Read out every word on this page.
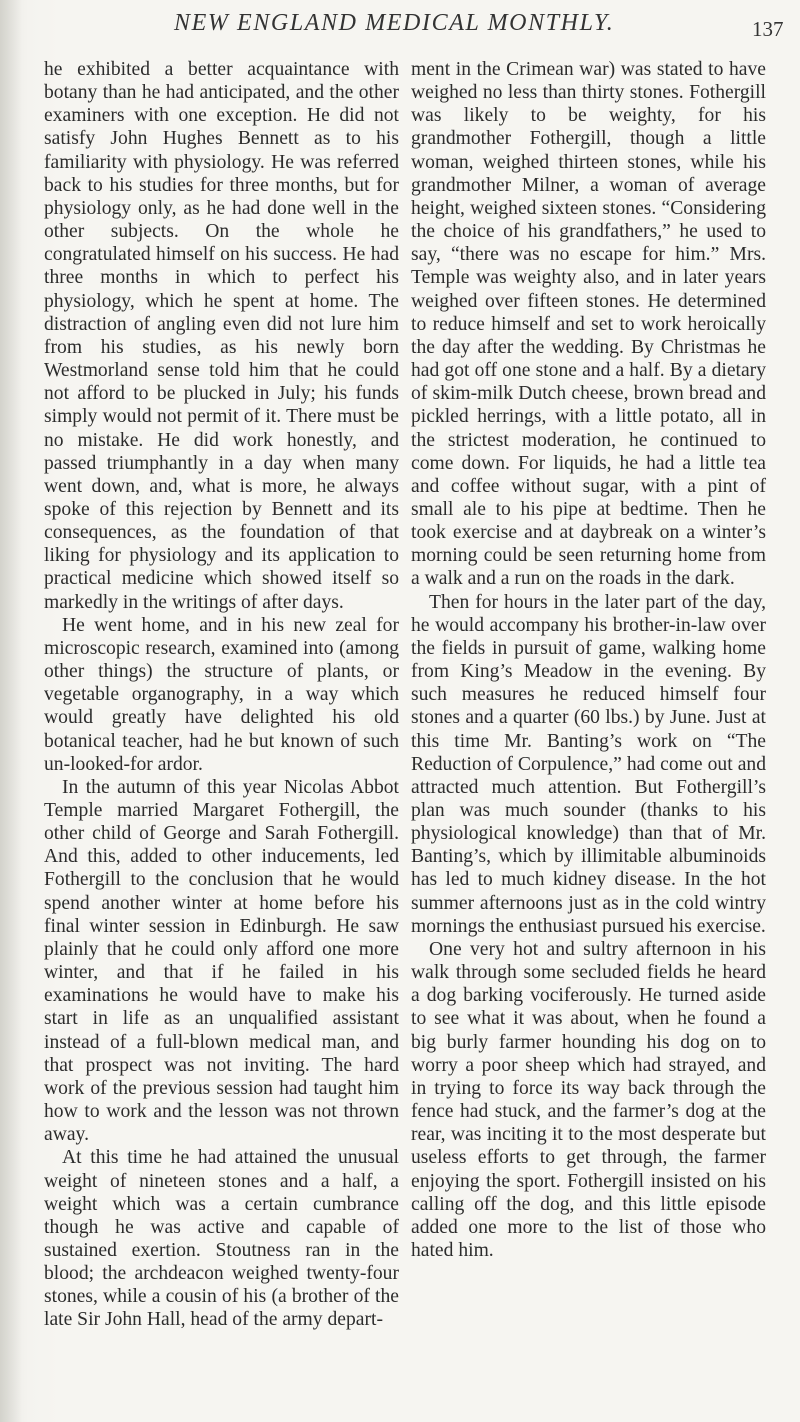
NEW ENGLAND MEDICAL MONTHLY.	137

he exhibited a better acquaintance with botany than he had anticipated, and the other examiners with one exception. He did not satisfy John Hughes Bennett as to his familiarity with physiology. He was referred back to his studies for three months, but for physiology only, as he had done well in the other subjects. On the whole he congratulated himself on his success. He had three months in which to perfect his physiology, which he spent at home. The distraction of angling even did not lure him from his studies, as his newly born Westmorland sense told him that he could not afford to be plucked in July; his funds simply would not permit of it. There must be no mistake. He did work honestly, and passed triumphantly in a day when many went down, and, what is more, he always spoke of this rejection by Bennett and its consequences, as the foundation of that liking for physiology and its application to practical medicine which showed itself so markedly in the writings of after days.

He went home, and in his new zeal for microscopic research, examined into (among other things) the structure of plants, or vegetable organography, in a way which would greatly have delighted his old botanical teacher, had he but known of such un-looked-for ardor.

In the autumn of this year Nicolas Abbot Temple married Margaret Fothergill, the other child of George and Sarah Fothergill. And this, added to other inducements, led Fothergill to the conclusion that he would spend another winter at home before his final winter session in Edinburgh. He saw plainly that he could only afford one more winter, and that if he failed in his examinations he would have to make his start in life as an unqualified assistant instead of a full-blown medical man, and that prospect was not inviting. The hard work of the previous session had taught him how to work and the lesson was not thrown away.

At this time he had attained the unusual weight of nineteen stones and a half, a weight which was a certain cumbrance though he was active and capable of sustained exertion. Stoutness ran in the blood; the archdeacon weighed twenty-four stones, while a cousin of his (a brother of the late Sir John Hall, head of the army depart-

ment in the Crimean war) was stated to have weighed no less than thirty stones. Fothergill was likely to be weighty, for his grandmother Fothergill, though a little woman, weighed thirteen stones, while his grandmother Milner, a woman of average height, weighed sixteen stones. “Considering the choice of his grandfathers,” he used to say, “there was no escape for him.” Mrs. Temple was weighty also, and in later years weighed over fifteen stones. He determined to reduce himself and set to work heroically the day after the wedding. By Christmas he had got off one stone and a half. By a dietary of skim-milk Dutch cheese, brown bread and pickled herrings, with a little potato, all in the strictest moderation, he continued to come down. For liquids, he had a little tea and coffee without sugar, with a pint of small ale to his pipe at bedtime. Then he took exercise and at daybreak on a winter’s morning could be seen returning home from a walk and a run on the roads in the dark.

Then for hours in the later part of the day, he would accompany his brother-in-law over the fields in pursuit of game, walking home from King’s Meadow in the evening. By such measures he reduced himself four stones and a quarter (60 lbs.) by June. Just at this time Mr. Banting’s work on “The Reduction of Corpulence,” had come out and attracted much attention. But Fothergill’s plan was much sounder (thanks to his physiological knowledge) than that of Mr. Banting’s, which by illimitable albuminoids has led to much kidney disease. In the hot summer afternoons just as in the cold wintry mornings the enthusiast pursued his exercise.

One very hot and sultry afternoon in his walk through some secluded fields he heard a dog barking vociferously. He turned aside to see what it was about, when he found a big burly farmer hounding his dog on to worry a poor sheep which had strayed, and in trying to force its way back through the fence had stuck, and the farmer’s dog at the rear, was inciting it to the most desperate but useless efforts to get through, the farmer enjoying the sport. Fothergill insisted on his calling off the dog, and this little episode added one more to the list of those who hated him.
